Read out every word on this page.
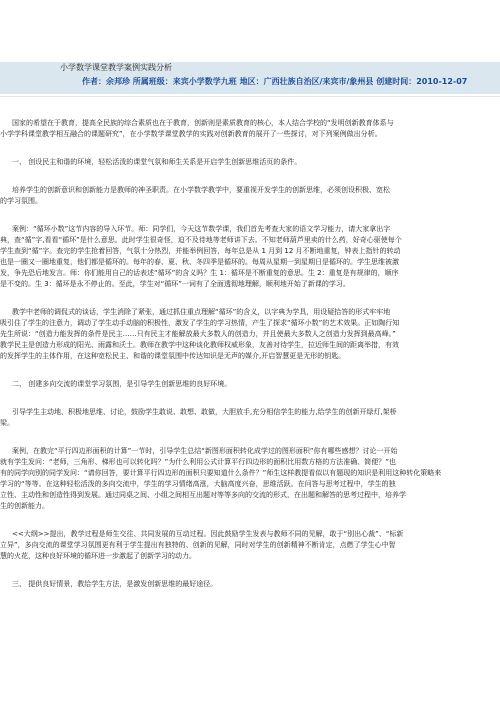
小学数学课堂教学案例实践分析
作者：余邦珍 所属班级：来宾小学数学九班 地区：广西壮族自治区/来宾市/象州县 创建时间：2010-12-07
国家的希望在于教育，提高全民族的综合素质也在于教育，创新则是素质教育的核心，本人结合学校的“发明创新教育体系与
小学学科课堂教学相互融合的课题研究”，在小学数学课堂教学的实践对创新教育的展开了一些探讨，对下列案例做出分析。
一、 创设民主和谐的环境，轻松活泼的课堂气氛和师生关系是开启学生创新思维活页的条件。
培养学生的创新意识和创新能力是教师的神圣职责。在小学数学教学中，要重视开发学生的创新思维，必须创设积极、宽松
的学习氛围。
案例：“循环小数”这节内容的导入环节。师：同学们，今天这节数学课，我们首先考查大家的语文学习能力，请大家拿出字
典，查“循”字,看看“循环”是什么意思。此时学生很奇怪，迫不及待地等老师讲下去。不知老师葫芦里卖的什么药，好奇心驱使每个
学生查到“循”字。查完的学生抢着回答，气氛十分热烈，并能举例回答，每年总是从 1 月到 12 月不断地重复，钟表上指针的转动
也是一圈又一圈地重复，他们都是循环的。每年的春、夏、秋、冬四季是循环的。每周从星期一到星期日是循环的。学生思维被激
发，争先恐后地发言。师：你们能用自己的话表述“循环”的含义吗？生 1：循环是不断重复的意思。生 2：重复是有规律的，顺序
是不变的。生 3：循环是永不停止的。至此，学生对“循环”一词有了全面透彻地理解，顺利地开始了新课的学习。
教学中老师的调侃式的谈话，学生消除了紧张，通过抓住重点理解“循环”的含义，以字典为学具，用设疑拾答的形式牢牢地
吸引住了学生的注意力，调动了学生动手动脑的积极性，激发了学生的学习热情，产生了探求“循环小数”的艺术效果。正如陶行知
先生所说：“创造力能发挥的条件是民主……只有民主才能解放最大多数人的创造力，并且使最大多数人之创造力发挥到最高峰。”
教学民主是创造力形成的阳光、雨露和沃土。教师在教学中这种谈化教师权威形象，友善对待学生，拉近师生间的距离举措，有效
的发挥学生的主体作用，在这种宽松民主、和谐的课堂氛围中传达知识是无声的媒介,开启智慧更是无形的钥匙。
二、 创建多向交流的课堂学习氛围，是引导学生创新思维的良好环境。
引导学生主动地、积极地思维、讨论，鼓励学生敢说、敢想、敢做，大胆放手,充分相信学生的能力,给学生的创新开绿灯,架桥
梁。
案例，在教完“平行四边形面积的计算”一节时，引导学生总结“新图形面积转化成学过的图形面积”你有哪些感想？讨论一开始
就有学生发问：“老师，三角形、梯形也可以转化吗？”为什么利用公式计算平行四边形的面积比用数方格的方法准确、简便？”也
有的同学向别的同学发问：“请你回答，要计算平行四边形的面积只要知道什么条件？”师生这样教提看似以有题现的知识是利用这种转化策略来
学习的“等等。在这种轻松活泼的多向交流中，学生的学习情绪高涨，大脑高度兴奋，思维活跃。在问答与思考过程中，学生的独
立性、主动性和创造性得到发展。通过同桌之间、小组之间相互出题对等等多向的交流的形式，在出题和解答的思考过程中，培养学
生的创新能力。
<<大纲>>提出，教学过程是师生交往、共同发展的互动过程。因此鼓励学生发表与教师不同的见解，敢于“别出心裁”、“标新
立异”，多向交流的课堂学习氛围更有利于学生提出有独特的、创新的见解，同时对学生的创新精神不断肯定，点燃了学生心中智
慧的火花，这种良好环境的循环进一步激起了创新学习的动力。
三、 提供良好情景，教给学生方法，是激发创新思维的最好途径。
